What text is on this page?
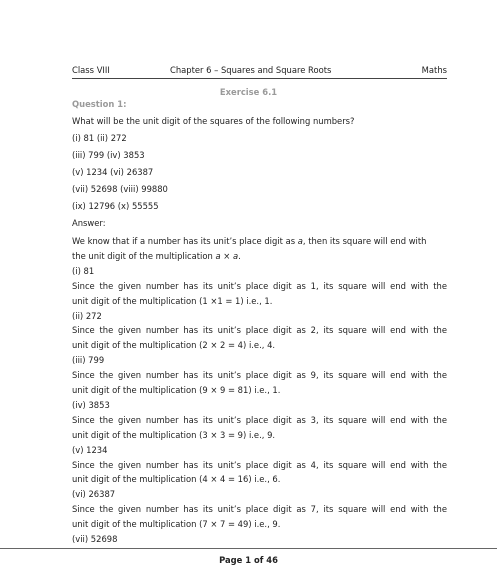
Class VIII	Chapter 6 – Squares and Square Roots	Maths
Exercise 6.1
Question 1:
What will be the unit digit of the squares of the following numbers?
(i) 81 (ii) 272
(iii) 799 (iv) 3853
(v) 1234 (vi) 26387
(vii) 52698 (viii) 99880
(ix) 12796 (x) 55555
Answer:
We know that if a number has its unit’s place digit as a, then its square will end with
the unit digit of the multiplication a × a.
(i) 81
Since the given number has its unit’s place digit as 1, its square will end with the
unit digit of the multiplication (1 ×1 = 1) i.e., 1.
(ii) 272
Since the given number has its unit’s place digit as 2, its square will end with the
unit digit of the multiplication (2 × 2 = 4) i.e., 4.
(iii) 799
Since the given number has its unit’s place digit as 9, its square will end with the
unit digit of the multiplication (9 × 9 = 81) i.e., 1.
(iv) 3853
Since the given number has its unit’s place digit as 3, its square will end with the
unit digit of the multiplication (3 × 3 = 9) i.e., 9.
(v) 1234
Since the given number has its unit’s place digit as 4, its square will end with the
unit digit of the multiplication (4 × 4 = 16) i.e., 6.
(vi) 26387
Since the given number has its unit’s place digit as 7, its square will end with the
Page 1 of 46
unit digit of the multiplication (7 × 7 = 49) i.e., 9.
(vii) 52698
